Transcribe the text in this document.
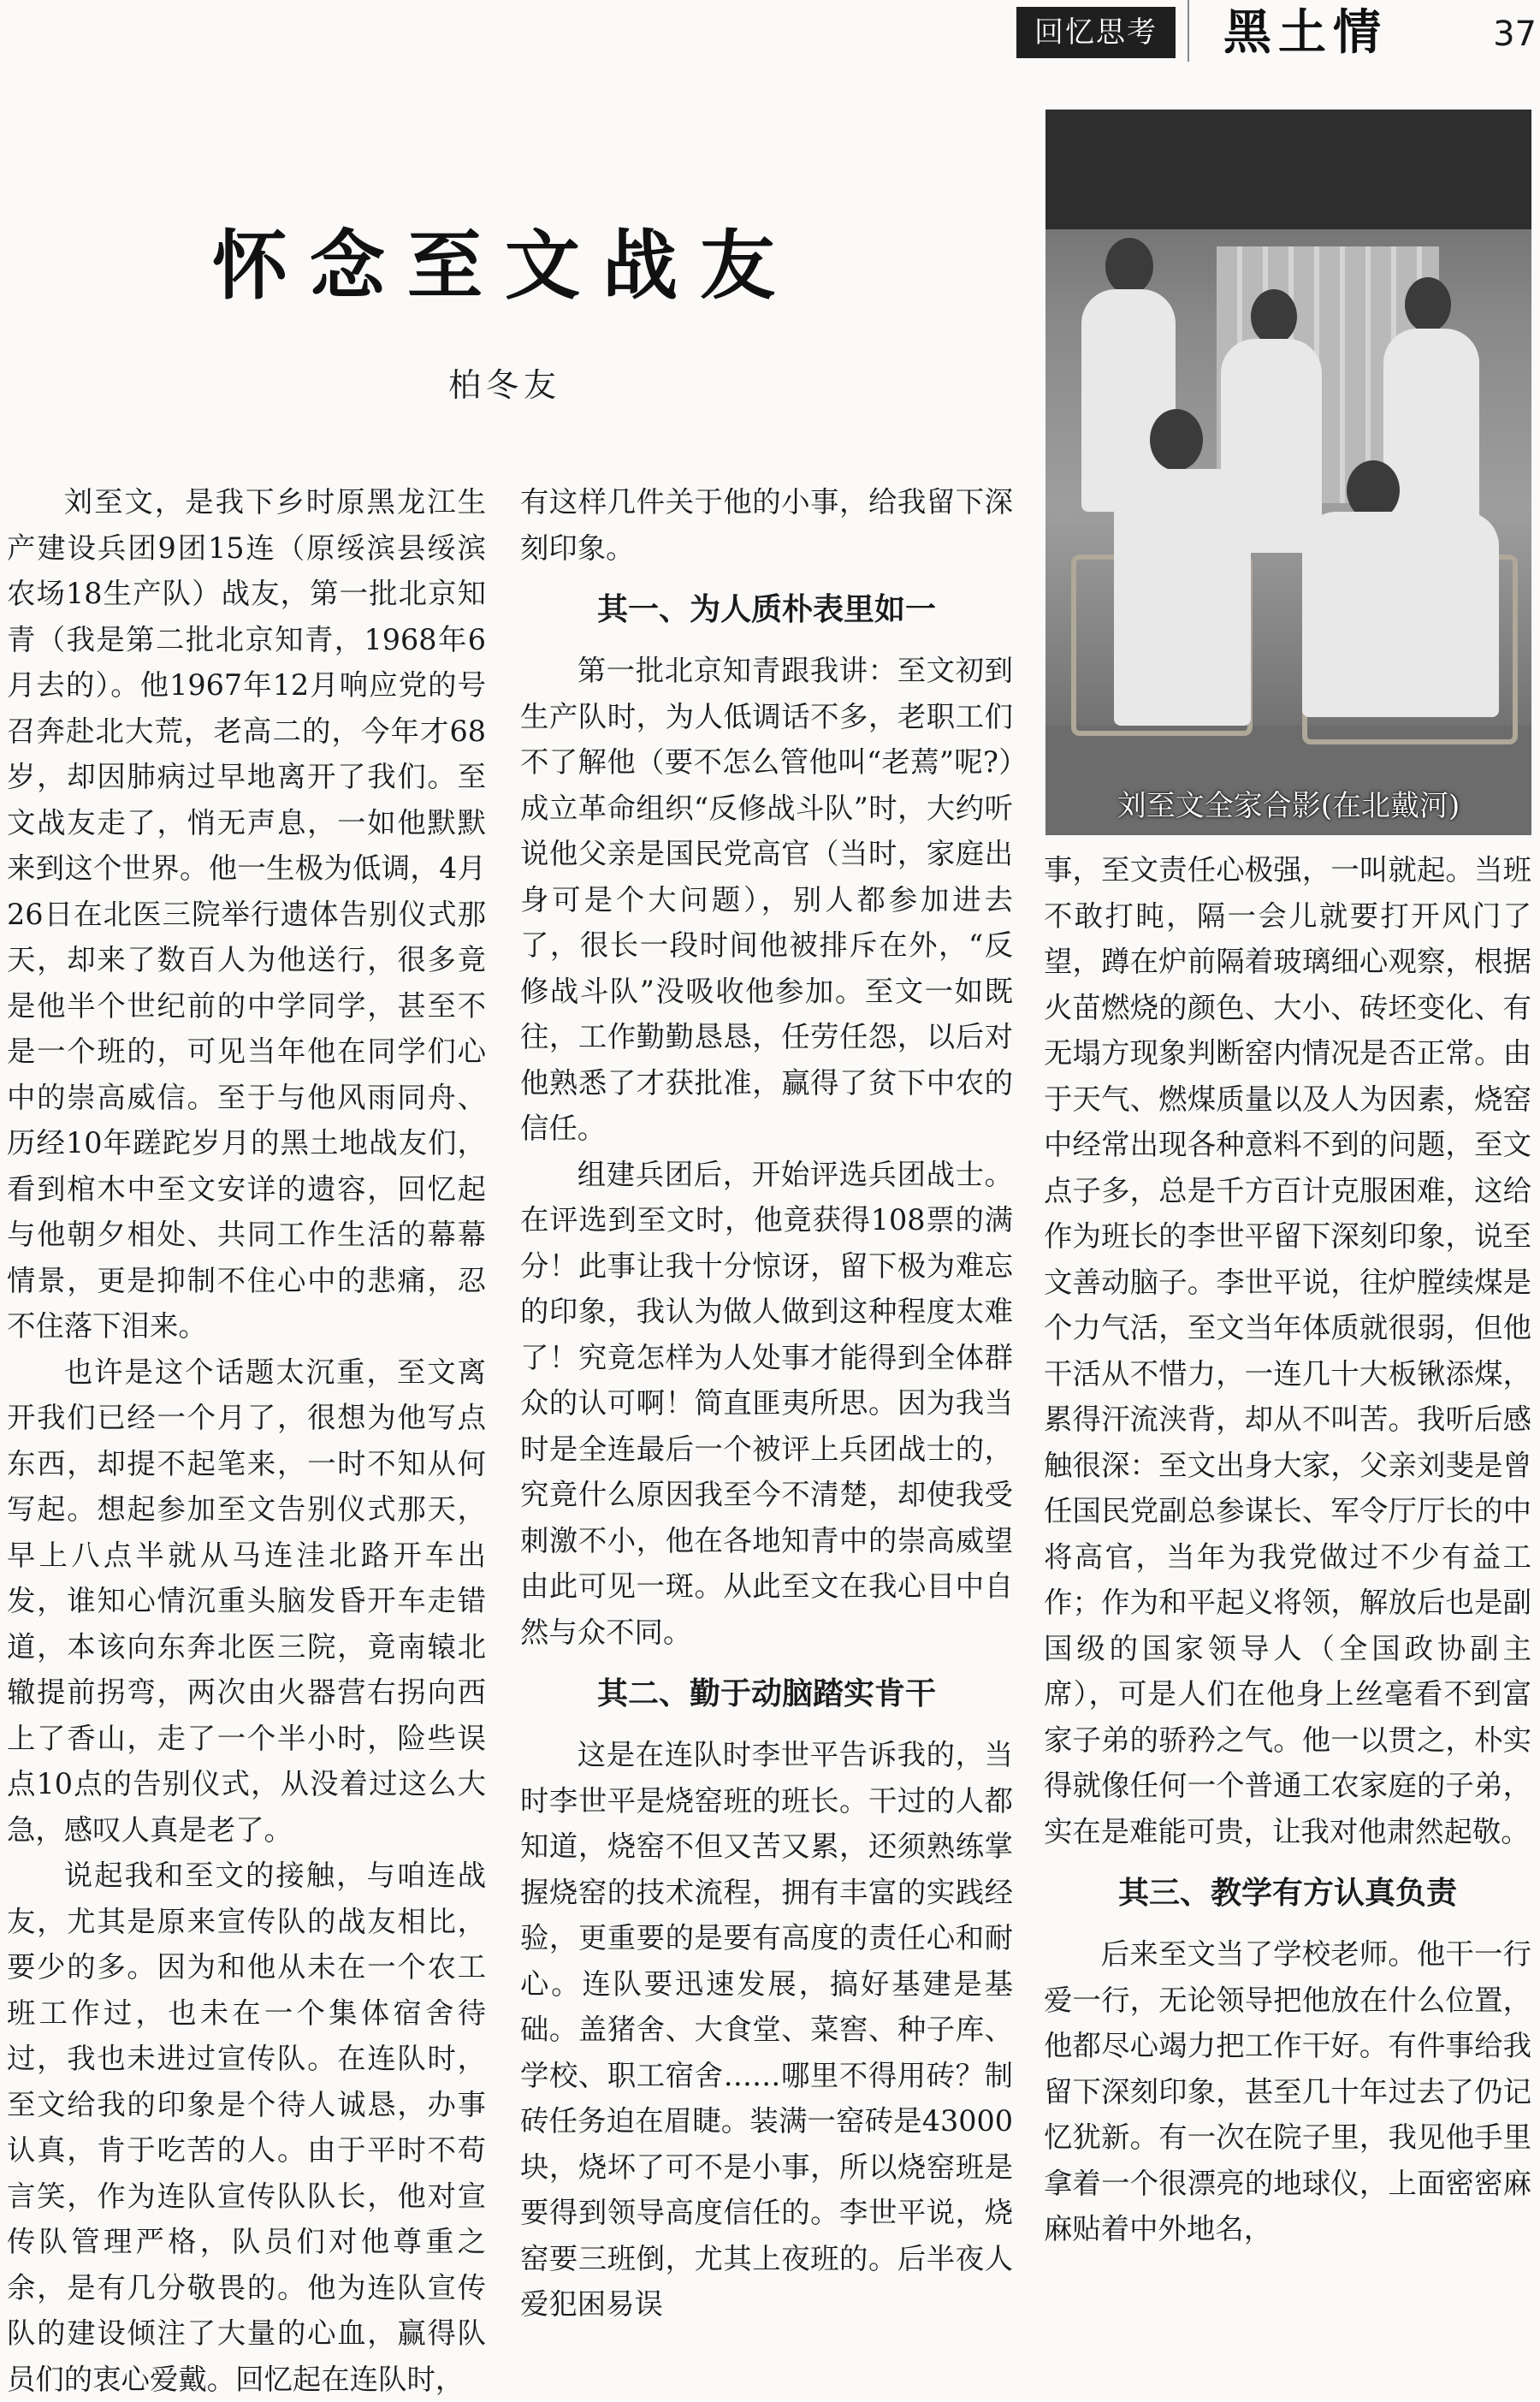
回忆思考	黑土情	37
怀念至文战友
柏冬友
刘至文全家合影(在北戴河)

刘至文，是我下乡时原黑龙江生产建设兵团9团15连（原绥滨县绥滨农场18生产队）战友，第一批北京知青（我是第二批北京知青，1968年6月去的）。他1967年12月响应党的号召奔赴北大荒，老高二的，今年才68岁，却因肺病过早地离开了我们。至文战友走了，悄无声息，一如他默默来到这个世界。他一生极为低调，4月26日在北医三院举行遗体告别仪式那天，却来了数百人为他送行，很多竟是他半个世纪前的中学同学，甚至不是一个班的，可见当年他在同学们心中的崇高威信。至于与他风雨同舟、历经10年蹉跎岁月的黑土地战友们，看到棺木中至文安详的遗容，回忆起与他朝夕相处、共同工作生活的幕幕情景，更是抑制不住心中的悲痛，忍不住落下泪来。

也许是这个话题太沉重，至文离开我们已经一个月了，很想为他写点东西，却提不起笔来，一时不知从何写起。想起参加至文告别仪式那天，早上八点半就从马连洼北路开车出发，谁知心情沉重头脑发昏开车走错道，本该向东奔北医三院，竟南辕北辙提前拐弯，两次由火器营右拐向西上了香山，走了一个半小时，险些误点10点的告别仪式，从没着过这么大急，感叹人真是老了。

说起我和至文的接触，与咱连战友，尤其是原来宣传队的战友相比，要少的多。因为和他从未在一个农工班工作过，也未在一个集体宿舍待过，我也未进过宣传队。在连队时，至文给我的印象是个待人诚恳，办事认真，肯于吃苦的人。由于平时不苟言笑，作为连队宣传队队长，他对宣传队管理严格，队员们对他尊重之余，是有几分敬畏的。他为连队宣传队的建设倾注了大量的心血，赢得队员们的衷心爱戴。回忆起在连队时，

有这样几件关于他的小事，给我留下深刻印象。

其一、为人质朴表里如一

第一批北京知青跟我讲：至文初到生产队时，为人低调话不多，老职工们不了解他（要不怎么管他叫“老蔫”呢?）成立革命组织“反修战斗队”时，大约听说他父亲是国民党高官（当时，家庭出身可是个大问题），别人都参加进去了，很长一段时间他被排斥在外，“反修战斗队”没吸收他参加。至文一如既往，工作勤勤恳恳，任劳任怨，以后对他熟悉了才获批准，赢得了贫下中农的信任。

组建兵团后，开始评选兵团战士。在评选到至文时，他竟获得108票的满分！此事让我十分惊讶，留下极为难忘的印象，我认为做人做到这种程度太难了！究竟怎样为人处事才能得到全体群众的认可啊！简直匪夷所思。因为我当时是全连最后一个被评上兵团战士的，究竟什么原因我至今不清楚，却使我受刺激不小，他在各地知青中的崇高威望由此可见一斑。从此至文在我心目中自然与众不同。

其二、勤于动脑踏实肯干

这是在连队时李世平告诉我的，当时李世平是烧窑班的班长。干过的人都知道，烧窑不但又苦又累，还须熟练掌握烧窑的技术流程，拥有丰富的实践经验，更重要的是要有高度的责任心和耐心。连队要迅速发展，搞好基建是基础。盖猪舍、大食堂、菜窖、种子库、学校、职工宿舍……哪里不得用砖？制砖任务迫在眉睫。装满一窑砖是43000块，烧坏了可不是小事，所以烧窑班是要得到领导高度信任的。李世平说，烧窑要三班倒，尤其上夜班的。后半夜人爱犯困易误

事，至文责任心极强，一叫就起。当班不敢打盹，隔一会儿就要打开风门了望，蹲在炉前隔着玻璃细心观察，根据火苗燃烧的颜色、大小、砖坯变化、有无塌方现象判断窑内情况是否正常。由于天气、燃煤质量以及人为因素，烧窑中经常出现各种意料不到的问题，至文点子多，总是千方百计克服困难，这给作为班长的李世平留下深刻印象，说至文善动脑子。李世平说，往炉膛续煤是个力气活，至文当年体质就很弱，但他干活从不惜力，一连几十大板锹添煤，累得汗流浃背，却从不叫苦。我听后感触很深：至文出身大家，父亲刘斐是曾任国民党副总参谋长、军令厅厅长的中将高官，当年为我党做过不少有益工作；作为和平起义将领，解放后也是副国级的国家领导人（全国政协副主席），可是人们在他身上丝毫看不到富家子弟的骄矜之气。他一以贯之，朴实得就像任何一个普通工农家庭的子弟，实在是难能可贵，让我对他肃然起敬。

其三、教学有方认真负责

后来至文当了学校老师。他干一行爱一行，无论领导把他放在什么位置，他都尽心竭力把工作干好。有件事给我留下深刻印象，甚至几十年过去了仍记忆犹新。有一次在院子里，我见他手里拿着一个很漂亮的地球仪，上面密密麻麻贴着中外地名，
